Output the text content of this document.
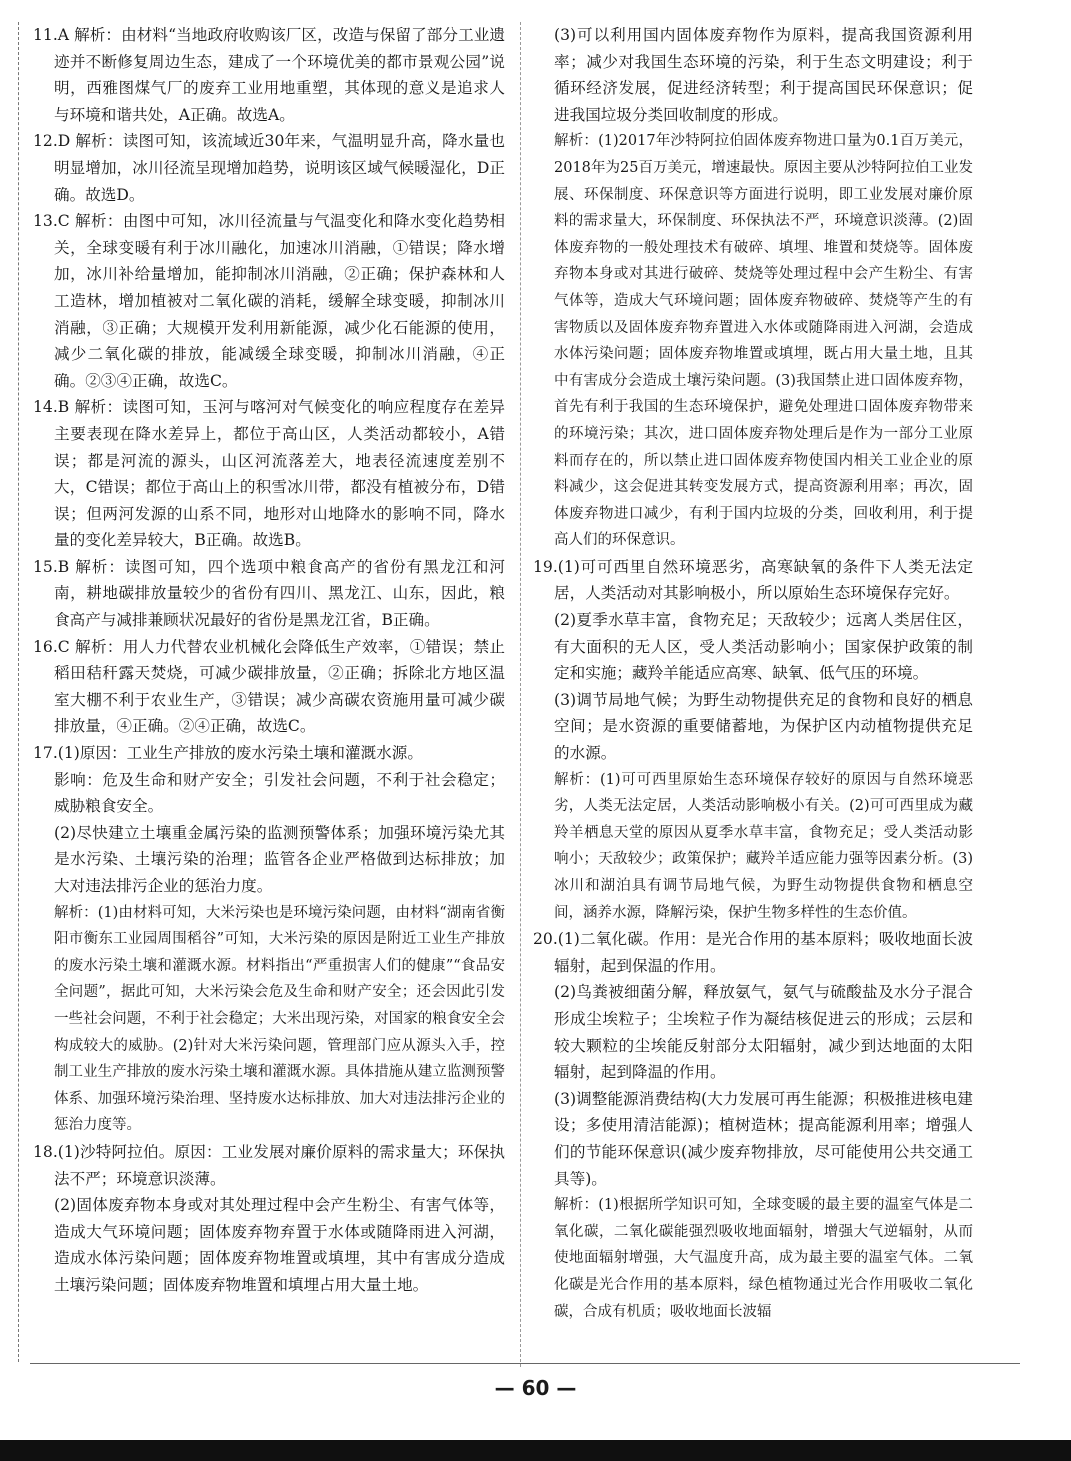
11.A 解析：由材料“当地政府收购该厂区，改造与保留了部分工业遗迹并不断修复周边生态，建成了一个环境优美的都市景观公园”说明，西雅图煤气厂的废弃工业用地重塑，其体现的意义是追求人与环境和谐共处，A正确。故选A。

12.D 解析：读图可知，该流域近30年来，气温明显升高，降水量也明显增加，冰川径流呈现增加趋势，说明该区域气候暖湿化，D正确。故选D。

13.C 解析：由图中可知，冰川径流量与气温变化和降水变化趋势相关，全球变暖有利于冰川融化，加速冰川消融，①错误；降水增加，冰川补给量增加，能抑制冰川消融，②正确；保护森林和人工造林，增加植被对二氧化碳的消耗，缓解全球变暖，抑制冰川消融，③正确；大规模开发利用新能源，减少化石能源的使用，减少二氧化碳的排放，能减缓全球变暖，抑制冰川消融，④正确。②③④正确，故选C。

14.B 解析：读图可知，玉河与喀河对气候变化的响应程度存在差异主要表现在降水差异上，都位于高山区，人类活动都较小，A错误；都是河流的源头，山区河流落差大，地表径流速度差别不大，C错误；都位于高山上的积雪冰川带，都没有植被分布，D错误；但两河发源的山系不同，地形对山地降水的影响不同，降水量的变化差异较大，B正确。故选B。

15.B 解析：读图可知，四个选项中粮食高产的省份有黑龙江和河南，耕地碳排放量较少的省份有四川、黑龙江、山东，因此，粮食高产与减排兼顾状况最好的省份是黑龙江省，B正确。

16.C 解析：用人力代替农业机械化会降低生产效率，①错误；禁止稻田秸秆露天焚烧，可减少碳排放量，②正确；拆除北方地区温室大棚不利于农业生产，③错误；减少高碳农资施用量可减少碳排放量，④正确。②④正确，故选C。

17.(1)原因：工业生产排放的废水污染土壤和灌溉水源。

影响：危及生命和财产安全；引发社会问题，不利于社会稳定；威胁粮食安全。

(2)尽快建立土壤重金属污染的监测预警体系；加强环境污染尤其是水污染、土壤污染的治理；监管各企业严格做到达标排放；加大对违法排污企业的惩治力度。

解析：(1)由材料可知，大米污染也是环境污染问题，由材料“湖南省衡阳市衡东工业园周围稻谷”可知，大米污染的原因是附近工业生产排放的废水污染土壤和灌溉水源。材料指出“严重损害人们的健康”“食品安全问题”，据此可知，大米污染会危及生命和财产安全；还会因此引发一些社会问题，不利于社会稳定；大米出现污染，对国家的粮食安全会构成较大的威胁。(2)针对大米污染问题，管理部门应从源头入手，控制工业生产排放的废水污染土壤和灌溉水源。具体措施从建立监测预警体系、加强环境污染治理、坚持废水达标排放、加大对违法排污企业的惩治力度等。

18.(1)沙特阿拉伯。原因：工业发展对廉价原料的需求量大；环保执法不严；环境意识淡薄。

(2)固体废弃物本身或对其处理过程中会产生粉尘、有害气体等，造成大气环境问题；固体废弃物弃置于水体或随降雨进入河湖，造成水体污染问题；固体废弃物堆置或填埋，其中有害成分造成土壤污染问题；固体废弃物堆置和填埋占用大量土地。

(3)可以利用国内固体废弃物作为原料，提高我国资源利用率；减少对我国生态环境的污染，利于生态文明建设；利于循环经济发展，促进经济转型；利于提高国民环保意识；促进我国垃圾分类回收制度的形成。

解析：(1)2017年沙特阿拉伯固体废弃物进口量为0.1百万美元，2018年为25百万美元，增速最快。原因主要从沙特阿拉伯工业发展、环保制度、环保意识等方面进行说明，即工业发展对廉价原料的需求量大，环保制度、环保执法不严，环境意识淡薄。(2)固体废弃物的一般处理技术有破碎、填埋、堆置和焚烧等。固体废弃物本身或对其进行破碎、焚烧等处理过程中会产生粉尘、有害气体等，造成大气环境问题；固体废弃物破碎、焚烧等产生的有害物质以及固体废弃物弃置进入水体或随降雨进入河湖，会造成水体污染问题；固体废弃物堆置或填埋，既占用大量土地，且其中有害成分会造成土壤污染问题。(3)我国禁止进口固体废弃物，首先有利于我国的生态环境保护，避免处理进口固体废弃物带来的环境污染；其次，进口固体废弃物处理后是作为一部分工业原料而存在的，所以禁止进口固体废弃物使国内相关工业企业的原料减少，这会促进其转变发展方式，提高资源利用率；再次，固体废弃物进口减少，有利于国内垃圾的分类，回收利用，利于提高人们的环保意识。

19.(1)可可西里自然环境恶劣，高寒缺氧的条件下人类无法定居，人类活动对其影响极小，所以原始生态环境保存完好。

(2)夏季水草丰富，食物充足；天敌较少；远离人类居住区，有大面积的无人区，受人类活动影响小；国家保护政策的制定和实施；藏羚羊能适应高寒、缺氧、低气压的环境。

(3)调节局地气候；为野生动物提供充足的食物和良好的栖息空间；是水资源的重要储蓄地，为保护区内动植物提供充足的水源。

解析：(1)可可西里原始生态环境保存较好的原因与自然环境恶劣，人类无法定居，人类活动影响极小有关。(2)可可西里成为藏羚羊栖息天堂的原因从夏季水草丰富，食物充足；受人类活动影响小；天敌较少；政策保护；藏羚羊适应能力强等因素分析。(3)冰川和湖泊具有调节局地气候，为野生动物提供食物和栖息空间，涵养水源，降解污染，保护生物多样性的生态价值。

20.(1)二氧化碳。作用：是光合作用的基本原料；吸收地面长波辐射，起到保温的作用。

(2)鸟粪被细菌分解，释放氨气，氨气与硫酸盐及水分子混合形成尘埃粒子；尘埃粒子作为凝结核促进云的形成；云层和较大颗粒的尘埃能反射部分太阳辐射，减少到达地面的太阳辐射，起到降温的作用。

(3)调整能源消费结构(大力发展可再生能源；积极推进核电建设；多使用清洁能源)；植树造林；提高能源利用率；增强人们的节能环保意识(减少废弃物排放，尽可能使用公共交通工具等)。

解析：(1)根据所学知识可知，全球变暖的最主要的温室气体是二氧化碳，二氧化碳能强烈吸收地面辐射，增强大气逆辐射，从而使地面辐射增强，大气温度升高，成为最主要的温室气体。二氧化碳是光合作用的基本原料，绿色植物通过光合作用吸收二氧化碳，合成有机质；吸收地面长波辐

— 60 —
